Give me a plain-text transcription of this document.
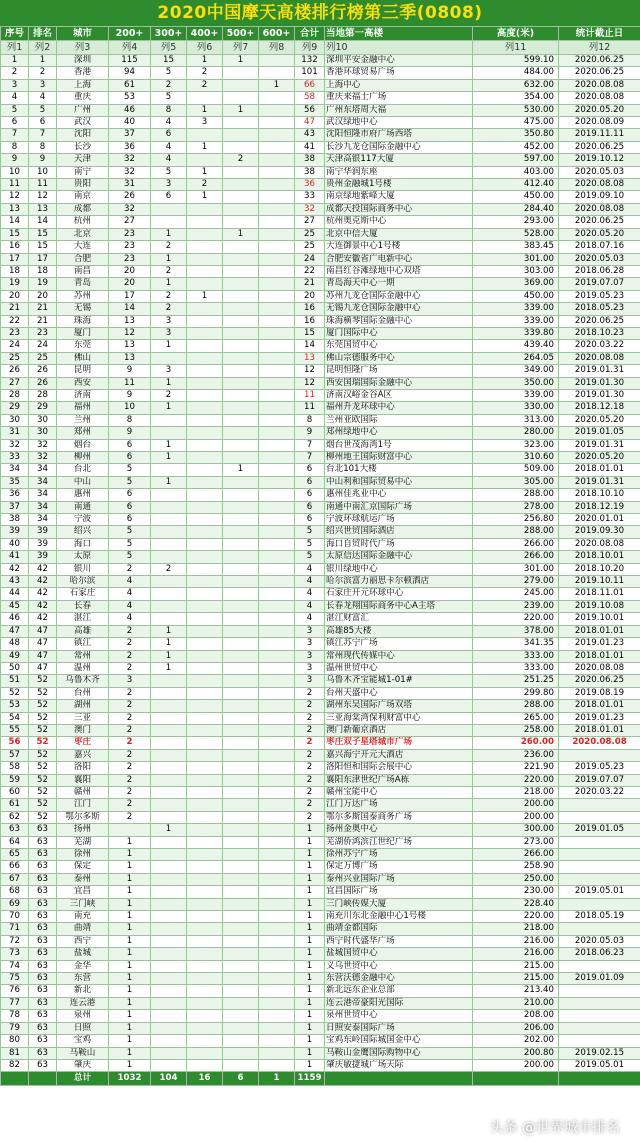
2020中国摩天高楼排行榜第三季(0808)
序号	排名	城市	200+	300+	400+	500+	600+	合计	当地第一高楼	高度(米)	统计截止日
列1	列2	列3	列4	列5	列6	列7	列8	列9	列10	列11	列12
1	1	深圳	115	15	1	1		132	深圳平安金融中心	599.10	2020.06.25
2	2	香港	94	5	2			101	香港环球贸易广场	484.00	2020.06.25
3	3	上海	61	2	2		1	66	上海中心	632.00	2020.08.08
4	4	重庆	53	5				58	重庆来福士广场	354.00	2020.08.08
5	5	广州	46	8	1	1		56	广州东塔周大福	530.00	2020.05.20
6	6	武汉	40	4	3			47	武汉绿地中心	475.00	2020.08.09
7	7	沈阳	37	6				43	沈阳恒隆市府广场西塔	350.80	2019.11.11
8	8	长沙	36	4	1			41	长沙九龙仓国际金融中心	452.00	2020.06.25
9	9	天津	32	4		2		38	天津高银117大厦	597.00	2019.10.12
10	10	南宁	32	5	1			38	南宁华润东座	403.00	2020.05.03
11	11	贵阳	31	3	2			36	贵州金融城1号楼	412.40	2020.08.08
12	12	南京	26	6	1			33	南京绿地紫峰大厦	450.00	2019.09.10
13	13	成都	32					32	成都天投国际商务中心	284.40	2020.08.08
14	14	杭州	27					27	杭州奥克斯中心	293.00	2020.06.25
15	15	北京	23	1		1		25	北京中信大厦	528.00	2020.05.20
16	15	大连	23	2				25	大连御景中心1号楼	383.45	2018.07.16
17	17	合肥	23	1				24	合肥安徽省广电新中心	301.00	2020.05.03
18	18	南昌	20	2				22	南昌红谷滩绿地中心双塔	303.00	2018.06.28
19	19	青岛	20	1				21	青岛海天中心一期	369.00	2019.07.07
20	20	苏州	17	2	1			20	苏州九龙仓国际金融中心	450.00	2019.05.23
21	21	无锡	14	2				16	无锡九龙仓国际金融中心	339.00	2018.05.23
22	21	珠海	13	3				16	珠海横琴国际金融中心	339.00	2020.06.25
23	23	厦门	12	3				15	厦门国际中心	339.80	2018.10.23
24	24	东莞	13	1				14	东莞国贸中心	439.40	2020.03.22
25	25	佛山	13					13	佛山宗德服务中心	264.05	2020.08.08
26	26	昆明	9	3				12	昆明恒隆广场	349.00	2019.01.31
27	26	西安	11	1				12	西安国瑞国际金融中心	350.00	2019.01.30
28	28	济南	9	2				11	济南汉峪金谷A区	339.00	2019.01.30
29	29	福州	10	1				11	福州升龙环球中心	330.00	2018.12.18
30	30	兰州	8					8	兰州亚欧国际	313.00	2020.05.20
31	30	郑州	9					9	郑州绿地中心	280.00	2019.01.05
32	32	烟台	6	1				7	烟台世茂海湾1号	323.00	2019.01.31
33	32	柳州	6	1				7	柳州地王国际财富中心	310.60	2020.05.20
34	34	台北	5			1		6	台北101大楼	509.00	2018.01.01
35	34	中山	5	1				6	中山利和国际贸易中心	305.00	2019.01.31
36	34	惠州	6					6	惠州佳兆业中心	288.00	2018.10.10
37	34	南通	6					6	南通中南汇京国际广场	278.00	2018.12.19
38	34	宁波	6					6	宁波环球航运广场	256.80	2020.01.01
39	39	绍兴	5					5	绍兴世贸国际酒店	288.00	2019.09.30
40	39	海口	5					5	海口自贸时代广场	266.00	2020.08.08
41	39	太原	5					5	太原信达国际金融中心	266.00	2018.10.01
42	42	银川	2	2				4	银川绿地中心	301.00	2018.10.20
43	42	哈尔滨	4					4	哈尔滨富力丽思卡尔顿酒店	279.00	2019.10.11
44	42	石家庄	4					4	石家庄开元环球中心	245.00	2018.11.01
45	42	长春	4					4	长春龙翔国际商务中心A主塔	239.00	2019.10.08
46	42	湛江	4					4	湛江财富汇	220.00	2019.10.01
47	47	高雄	2	1				3	高雄85大楼	378.00	2018.01.01
48	47	镇江	2	1				3	镇江苏宁广场	341.35	2019.01.23
49	47	常州	2	1				3	常州现代传媒中心	333.00	2018.01.01
50	47	温州	2	1				3	温州世贸中心	333.00	2020.08.08
51	52	乌鲁木齐	3					3	乌鲁木齐宝能城1-01#	251.25	2020.06.25
52	52	台州	2					2	台州天盛中心	299.80	2019.08.19
53	52	湖州	2					2	湖州东吴国际广场双塔	288.00	2018.01.01
54	52	三亚	2					2	三亚海棠湾保利财富中心	265.00	2019.01.23
55	52	澳门	2					2	澳门新葡京酒店	258.00	2018.01.01
56	52	枣庄	2					2	枣庄双子星塔城市广场	260.00	2020.08.08
57	52	嘉兴	2					2	嘉兴海宁开元大酒店	236.00	
58	52	洛阳	2					2	洛阳恒和国际会展中心	221.90	2019.05.23
59	52	襄阳	2					2	襄阳东津世纪广场A栋	220.00	2019.07.07
60	52	赣州	2					2	赣州宝能中心	218.00	2020.03.22
61	52	江门	2					2	江门万达广场	200.00	
62	52	鄂尔多斯	2					2	鄂尔多斯国泰商务广场	200.00	
63	63	扬州		1				1	扬州金奥中心	300.00	2019.01.05
64	63	芜湖	1					1	芜湖侨鸿滨江世纪广场	273.00	
65	63	徐州	1					1	徐州苏宁广场	266.00	
66	63	保定	1					1	保定万博广场	258.90	
67	63	泰州	1					1	泰州兴业国际广场	250.00	
68	63	宜昌	1					1	宜昌国际广场	230.00	2019.05.01
69	63	三门峡	1					1	三门峡传媒大厦	228.40	
70	63	南充	1					1	南充川东北金融中心1号楼	220.00	2018.05.19
71	63	曲靖	1					1	曲靖金都国际	218.00	
72	63	西宁	1					1	西宁时代盛华广场	216.00	2020.05.03
73	63	盐城	1					1	盐城国贸中心	216.00	2018.06.23
74	63	金华	1					1	义乌世贸中心	215.00	
75	63	东营	1					1	东营沃德金融中心	215.00	2019.01.09
76	63	新北	1					1	新北远东企业总部	213.40	
77	63	连云港	1					1	连云港帝豪阳光国际	210.00	
78	63	泉州	1					1	泉州世贸中心	208.00	
79	63	日照	1					1	日照安泰国际广场	206.00	
80	63	宝鸡	1					1	宝鸡东岭国际城国金中心	202.00	
81	63	马鞍山	1					1	马鞍山金鹰国际购物中心	200.80	2019.02.15
82	63	肇庆	1					1	肇庆敏捷城广场天际	200.00	2019.05.01
		总计	1032	104	16	6	1	1159			
头条 @世界城市排名
